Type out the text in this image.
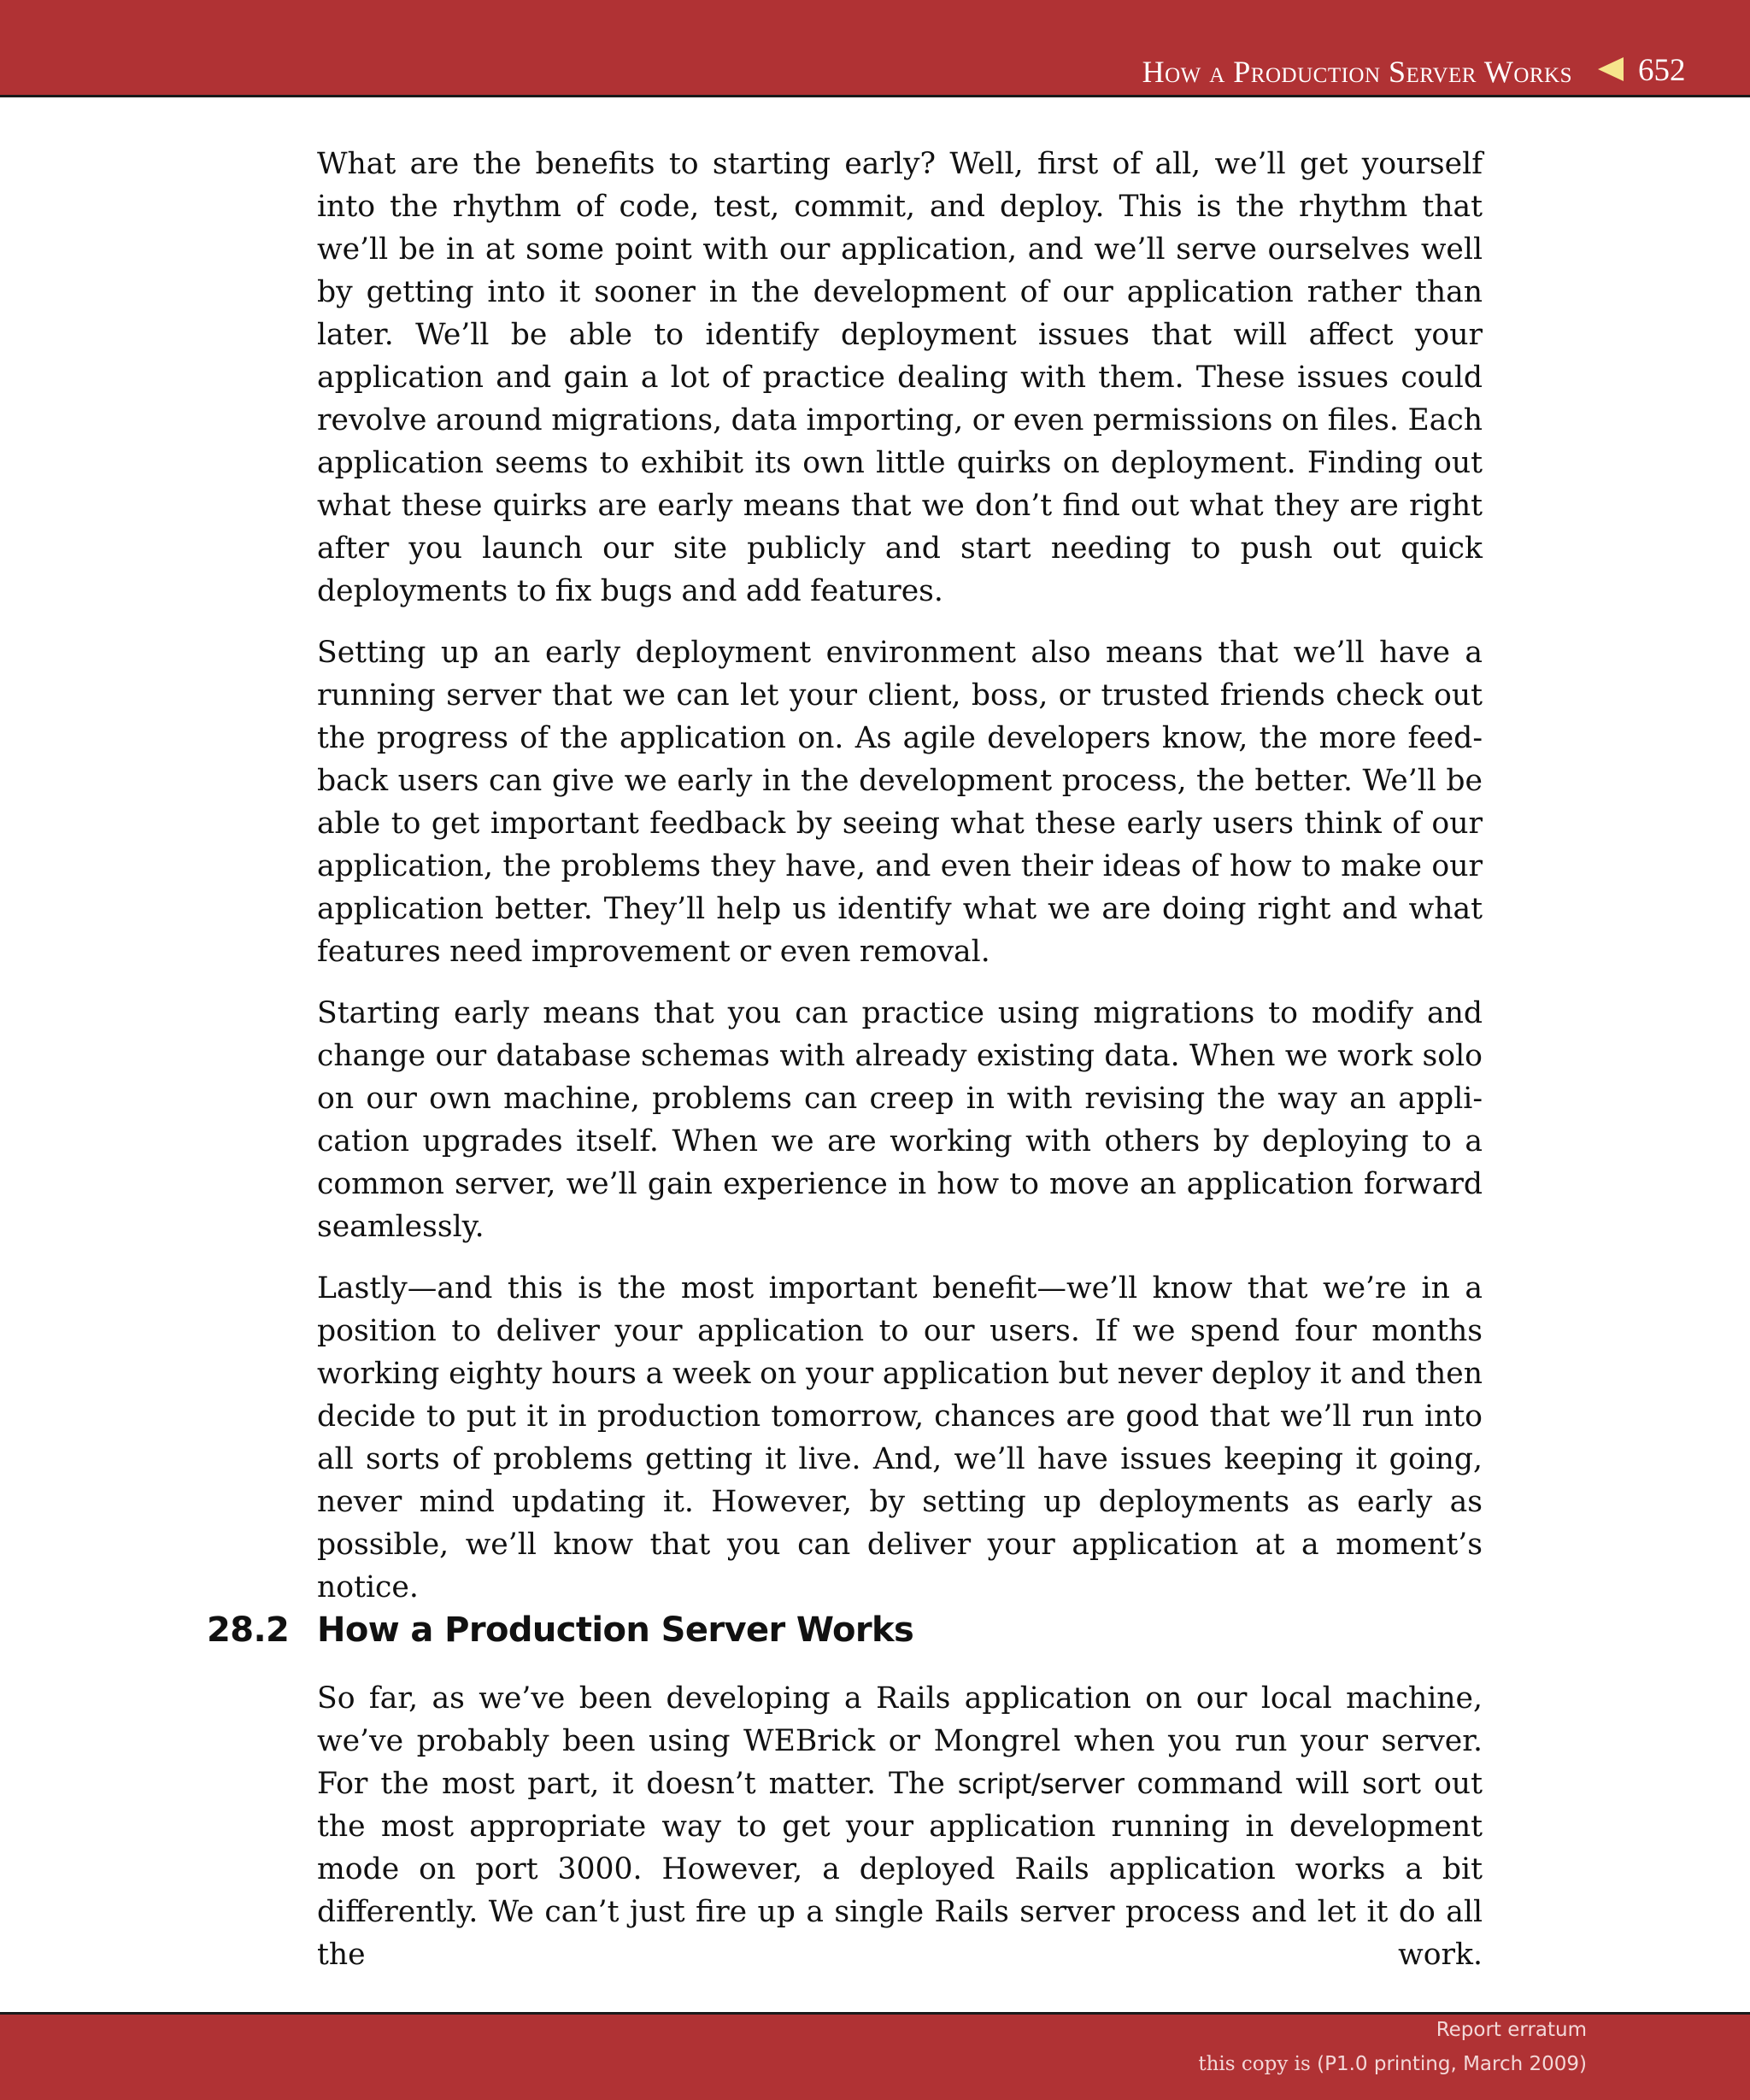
How a Production Server Works 652

What are the benefits to starting early? Well, first of all, we’ll get yourself into the rhythm of code, test, commit, and deploy. This is the rhythm that we’ll be in at some point with our application, and we’ll serve ourselves well by getting into it sooner in the development of our application rather than later. We’ll be able to identify deployment issues that will affect your application and gain a lot of practice dealing with them. These issues could revolve around migrations, data importing, or even permissions on files. Each application seems to exhibit its own little quirks on deployment. Finding out what these quirks are early means that we don’t find out what they are right after you launch our site publicly and start needing to push out quick deployments to fix bugs and add features.

Setting up an early deployment environment also means that we’ll have a running server that we can let your client, boss, or trusted friends check out the progress of the application on. As agile developers know, the more feedback users can give we early in the development process, the better. We’ll be able to get important feedback by seeing what these early users think of our application, the problems they have, and even their ideas of how to make our application better. They’ll help us identify what we are doing right and what features need improvement or even removal.

Starting early means that you can practice using migrations to modify and change our database schemas with already existing data. When we work solo on our own machine, problems can creep in with revising the way an application upgrades itself. When we are working with others by deploying to a common server, we’ll gain experience in how to move an application forward seamlessly.

Lastly—and this is the most important benefit—we’ll know that we’re in a position to deliver your application to our users. If we spend four months working eighty hours a week on your application but never deploy it and then decide to put it in production tomorrow, chances are good that we’ll run into all sorts of problems getting it live. And, we’ll have issues keeping it going, never mind updating it. However, by setting up deployments as early as possible, we’ll know that you can deliver your application at a moment’s notice.

28.2 How a Production Server Works

So far, as we’ve been developing a Rails application on our local machine, we’ve probably been using WEBrick or Mongrel when you run your server. For the most part, it doesn’t matter. The script/server command will sort out the most appropriate way to get your application running in development mode on port 3000. However, a deployed Rails application works a bit differently. We can’t just fire up a single Rails server process and let it do all the work.

Report erratum
this copy is (P1.0 printing, March 2009)
